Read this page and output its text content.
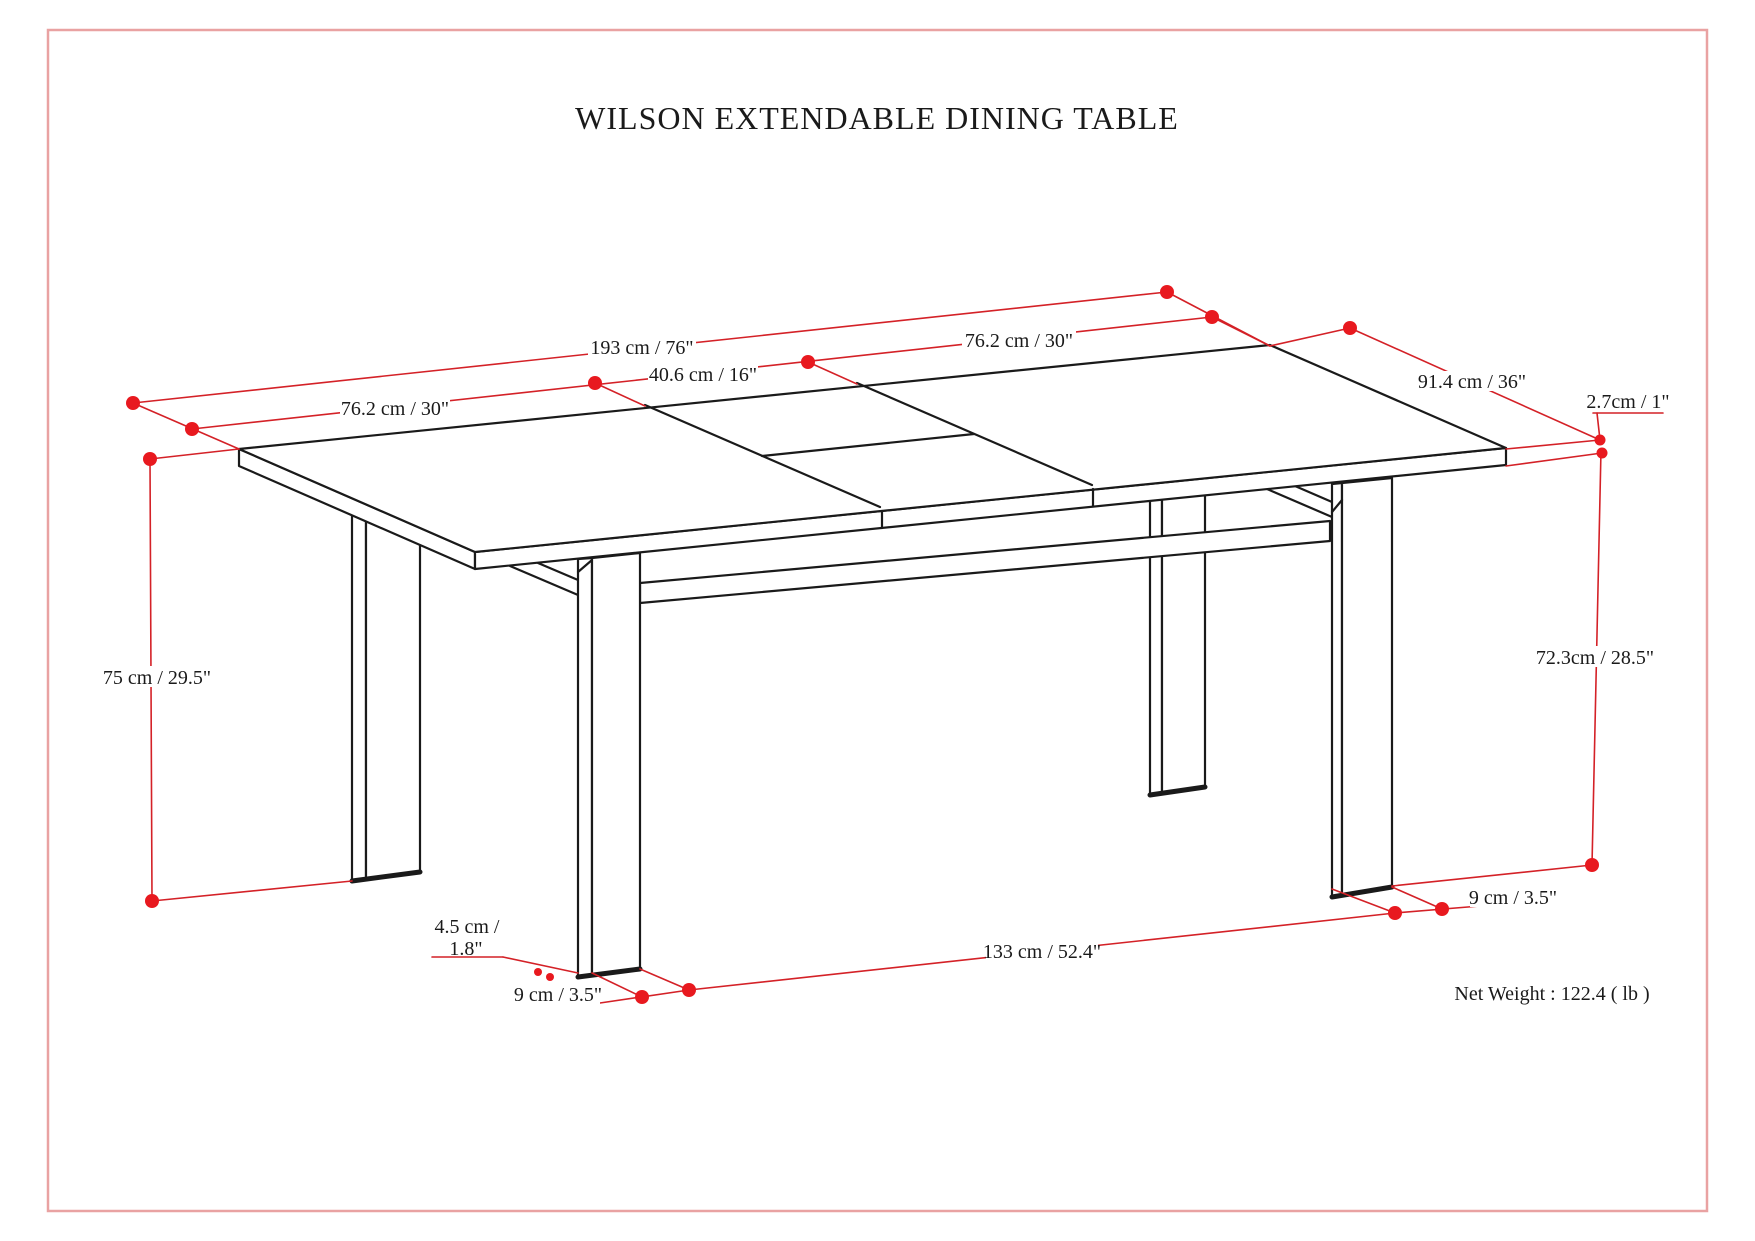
WILSON EXTENDABLE DINING TABLE
193 cm / 76"
40.6 cm / 16"
76.2 cm / 30"
76.2 cm / 30"
91.4 cm / 36"
2.7cm / 1"
75 cm / 29.5"
72.3cm / 28.5"
9 cm / 3.5"
133 cm / 52.4"
4.5 cm /
1.8"
9 cm / 3.5"	Net Weight : 122.4 ( lb )
